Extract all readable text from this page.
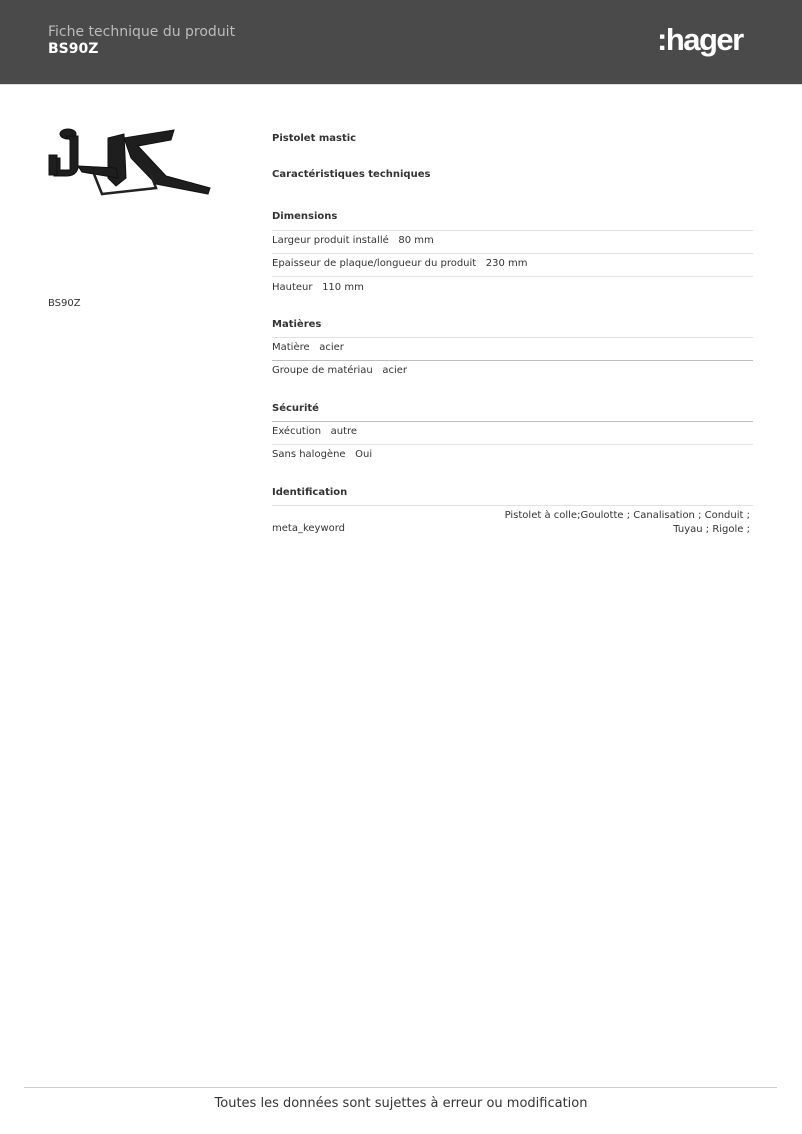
Fiche technique du produit
BS90Z	:hager
BS90Z
Pistolet mastic
Caractéristiques techniques
Dimensions
Largeur produit installé 80 mm
Epaisseur de plaque/longueur du produit 230 mm
Hauteur 110 mm
Matières
Matière acier
Groupe de matériau acier
Sécurité
Exécution autre
Sans halogène Oui
Identification
meta_keyword
Pistolet à colle;Goulotte ; Canalisation ; Conduit ; Tuyau ; Rigole ;
Toutes les données sont sujettes à erreur ou modification
